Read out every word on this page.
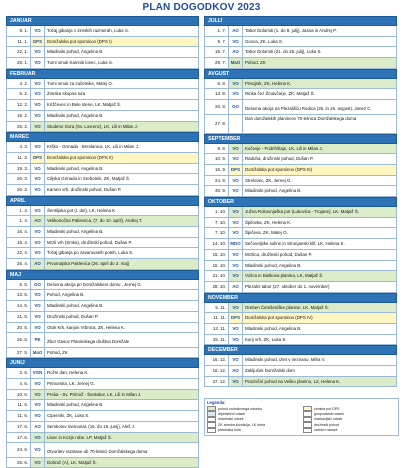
PLAN DOGODKOV 2023
JANUAR
8. 1.	VO	Točaj gibanja v zimskih razmerah, Luka S.
11. 1.	DPS	Domžalska pot spominov (DPS I)
22. 1.	VO	Mladinski pohod, Angelina B.
29. 1.	VO	Tumi smuk Kamniti lovec, Luka S.
FEBRUAR
4. 2.	VO	Tumi smuk za začetnike, Matej O.
5. 2.	VO	Zimska skupna tura
12. 2.	VO	Križčevec in Bele stene, LK, Matjaž Š.
19. 2.	VO	Mladinski pohod, Angelina B.
25. 2.	VO	Studeno Gora (Sv. Lovrenc), LK, Lili in Milan J.
MAREC
4. 3.	VO	Krško - Grmada - Breslanica, LK, Lili in Milan J.
11. 3.	DPS	Domžalska pot spominov (DPS II)
19. 3.	VO	Mladinski pohod, Angelina B.
26. 3.	VO	Ciljska Grmada in Srebotnik, ZK, Matjaž Š.
26. 3.	VO	Kamen vrh, družinski pohod, Dušan P.
APRIL
1. 4.	VO	Šentiljska pot (I. del), LK, Helena K.
1. 4.	AO	Velikonočna Paklenica, (7. do 10. april), Andrej T.
16. 4.	VO	Mladinski pohod, Angelina B.
16. 4.	VO	Mrzli vrh (Smka), družinski pohod, Dušan P.
22. 4.	VO	Točaj gibanja po zavarovanih poteh, Luka S.
26. 4.	AO	Prvomajska Paklenica (26. april do 2. maj)
MAJ
6. 5.	GO	Delovna akcija pri Domžalskem domu , Jernej G.
13. 5.	VO	Pohod, Angelina B.
14. 5.	VO	Mladinski pohod, Angelina B.
21. 5.	VO	Družinski pohod, Dušan P.
20. 5.	VO	Otok Krk, kanjon Vrbnica, ZK, Helena K.
25. 5.	PE	Zbor Gasov Planinskega društva Domžale
27. 5.	MaO	Pohod, ZK
JUNIJ
3. 6.	VGN	Rožni dan, Helena K.
4. 6.	VO	Primorska, LK, Jernej G.
10. 6.	VO	Preka - Sv. Primož - Šentabor, LK, Lili in Milan J.
11. 6.	VO	Mladinski pohod, Angelina B.
11. 6.	VO	Ciperniki, ZK, Luka S.
17. 6.	AO	Semkotov memorial, (16. do 18. junij), Aleš J.
17. 6.	VO	Lisec in Kozje robe, LP, Matjaž Š.
24. 6.	VO	Otvoritev razstave ob 70-letnici Domžalskega doma
25. 6.	VO	Dobrač (A), LK, Matjaž Š.
JULIJ
1. 7.	AO	Tabor Dolomiti (1. do 9. julij), Jasna in Andrej P.
9. 7.	VO	Govca, ZK, Luka S.
15. 7.	AO	Tabor Dolomiti (21. do 25. julij), Luka S.
29. 7.	MaO	Pohod, ZK
AVGUST
6. 8.	VO	Prisojnik, ZK, Helena K.
13. 8.	VO	Rinka čez Žmavčarje, ZK, Matjaž Š.
26. 8.	GO	Delovna akcija na Plezališču Rodica (25. in 26. avgust), Janez C.
27. 8.
Dan domžalskih planincev 70-letnica Domžalskega doma
SEPTEMBER
9. 9.	VO	Kočevje - Fridrihštajn, LK, Lili in Milan J.
10. 9.	VO	Raduha, družinski pohod, Dušan P.
16. 9.	DPS	Domžalska pot spominov (DPS III)
24. 9.	VO	Strelovec, ZK, Jernej G.
30. 9.	VO	Mladinski pohod, Angelina B.
OKTOBER
1. 10.	VO	Južna Rokovnjaška pot (Lukovica - Trojane), LK, Matjaž Š.
7. 10.	VO	Špilovka, ZK, Helena K.
7. 10.	VO	Špičeva, ZK, Matej O.
14. 10. MDO Sečoveljske soline in Strunjanski klif, LK, Helena K.
15. 10.	VO	Mrzlica, družinski pohod, Dušan P.
15. 10.	VO	Mladinski pohod, Angelina B.
21. 10.	VO	Vošca in Bielkova planina, LK, Matjaž Š.
28. 10.	AO	Plezalni tabor (27. oktober do 1. november)
NOVEMBER
5. 11.	VO	Greben Čemšeniške planine, LK, Matjaž Š.
11. 11.	DPS	Domžalska pot spominov (DPS IV)
12. 11.	VO	Mladinski pohod, Angelina B.
25. 11.	VO	Kurji vrh, ZK, Luka S.
DECEMBER
16. 12.	VO	Mladinski pohod, izlet v neznano, Miha V.
16. 12.	AO	Zaključek Domžalski dom
27. 12.	VO	Prazniční pohod na Veliko planino, LZ, Helena K.
Legenda:
pohod vodnikovega odseka	zimska pot DPS
alpinistični odsek	gospodarski odsek
mladinski odsek	markacijski odsek
ZK zimska kondicija, LK letna	družinski pohod
planinska šola	varstvo narave
